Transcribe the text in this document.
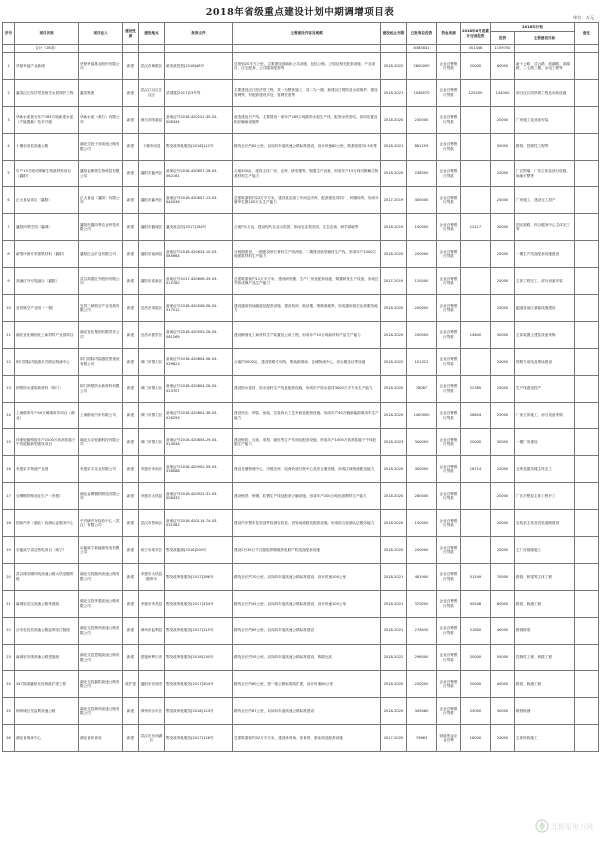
2018年省级重点建设计划中期调增项目表	单位：万元
序号	项目名称	项目法人	建设性质	建设地点	批准文件	主要建设内容及规模	建设起止年限	已批准总投资	资金来源	2018年6月底累计完成投资	2018年计划		备注
											投资	主要建设目标	
	合计（26项）							8385831		451348	1159750		

1	华夏幸福产业新城	华夏幸福基业股份有限公司	新建	武汉市黄陂区	黄发改投资[2018]48号	总规划20平方公里，主要建设基础和公共设施，包括公路、公园及相关配套设施，产业项目，住宅配套、公共服务配套等	2018-2022	2600000	企业自筹银行贷款	20000	60000	新十公路、浮云路、滨湖路、滨湖路、二七路三期，水电工程等	

2	襄香汉江经济带及相关水质保护工程	襄发集团	新建	武汉江汉区江汉区	武城建[2017]13号等	主要建设汉江经济带工程，其一为整体施工，其二为一期，新建汉江堤防及水质保护，建设管网等，有配套建设多处，管网长度等	2018-2021	1048570	企业自筹银行贷款	125200	144000	部分汉江防汛堤工程及市政设施	

3	华新水泥黄石年产285万吨新建水泥（产能置换）技术升级	华新水泥（黄石）有限公司	新建	黄石市阳新县	备案证号2018-420222-30-03-006344	改造建设日产线，主要建设一条年产285万吨熟料水泥生产线，配套余热发电、协同处置及相应辅助设施等	2018-2020	230000	企业自筹银行贷款		20000	厂房施工及设备安装	

4	十堰至房县高速公路	湖北交投十房高速公路有限公司	新建	十堰市房县	鄂发改审批服务[2018]112号	路线全长约62公里，双向四车道高速公路标准建设，设计时速80公里，路基宽度25.5米等	2018-2021	881259	企业自筹银行贷款		50000	路基、控制性工程等	

5	年产15万吨可降解生物基材料项目（襄阳）	襄阳金斯顿生物科技有限公司	新建	襄阳市襄州区	备案证号2018-420607-26-03-062161	占地300亩，建设主体厂房、仓库、研发楼等，购置生产设备，形成年产15万吨可降解生物基材料生产能力	2018-2020	238500	企业自筹银行贷款		20000	厂区围墙、厂房主体及部分设施、场地平整等	

6	正大食品项目（襄阳）	正大食品（襄阳）有限公司	新建	襄阳市襄州区	备案证号2018-420607-13-03-040036	总建筑面积约23万平方米，建设食品加工车间及冷库，配套建设饲料厂、种猪场等，形成年屠宰生猪100万头生产能力	2017-2019	400000	企业自筹银行贷款		25000	厂房施工，建设完工投产	

7	襄阳四季庄园（襄城）	襄阳市鑫四季农业科技有限公司	新建	襄阳市襄城区	襄发改农经[2017]184号	占地约1万亩，建设现代农业示范园、休闲农业观光园、生态农场、研学基地等	2018-2019	100000	企业自筹银行贷款	12117	30000	园区道路、综合服务中心主体完工等	

8	新型环保开采建筑材料（襄阳）	襄阳红山矿业有限公司	新建	襄阳市南漳县	备案证号2018-420624-10-03-085664	分两期建设，一期建设砂石骨料生产线两条，二期建设新型墙材生产线，形成年产1000万吨建筑材料生产能力	2018-2020	200000	企业自筹银行贷款		25000	一期生产线及配套设施建设	

9	高速红外可见融合（襄阳）	武汉高德红外股份有限公司	新建	襄阳市高新区	备案证号2017-420606-39-03-015782	总建筑面积约12万平方米，建设研发楼、生产厂房及配套设施，购置研发生产设备，形成红外热成像产品生产能力	2017-2019	120000	企业自筹银行贷款		20000	主体工程完工，部分设备安装	

10	宜昌航空产业园（一期）	宜昌三峡航空产业发展有限公司	新建	宜昌市夷陵区	备案证号2018-420506-56-03-017512	建设通用机场跑道及配套设施，建设机库、航站楼、维修基地等，形成通用航空运营服务能力	2018-2020	200000	企业自筹银行贷款		20000	跑道及场区基础设施建设	

11	湖北宜化精细化工新材料产业园项目	湖北宜化集团有限责任公司	新建	宜昌市猇亭区	备案证号2018-420505-26-03-081269	建设精细化工新材料生产装置及公用工程，形成年产10万吨新材料产品生产能力	2018-2020	200000	企业自筹银行贷款	14600	30000	主体装置土建及设备采购	

12	荆门国际内陆港多式联运物流中心	荆门国际内陆港投资建设有限公司	新建	荆门市掇刀区	备案证号2018-420804-58-03-039823	占地约3000亩，建设铁路专用线、集装箱堆场、仓储物流中心、综合服务区等设施	2018-2022	101321	企业自筹银行贷款		20000	铁路专用线及堆场建设	

13	荆楚防水建筑新材料（荆门）	荆门荆楚防水新材料有限公司	新建	荆门市掇刀区	备案证号2018-420804-26-03-023707	建设防水卷材、防水涂料生产线及配套设施，形成年产防水卷材3000万平方米生产能力	2018-2020	78087	企业自筹银行贷款	22385	25000	生产线建成投产	

14	上海蔚来年产40万辆乘用车项目（湖北）	上海蔚来汽车有限公司	新建	荆门市掇刀区	备案证号2018-420804-36-03-016293	建设冲压、焊装、涂装、总装四大工艺车间及配套设施，形成年产40万辆新能源乘用车生产能力	2018-2020	1400000	企业自筹银行贷款	26604	25000	厂房主体施工，部分设备采购	

15	环保轮胎网胶年产1000万套高性能子午线轮胎新型建设项目	湖北大京轮胎科技有限公司	新建	荆门市掇刀区	备案证号2018-420804-29-03-014048	建设炼胶、压延、成型、硫化等生产车间及配套设施，形成年产1000万套高性能子午线轮胎生产能力	2018-2023	340000	企业自筹银行贷款	20000	30000	一期厂房建设	

16	孝感京丰物流产业园	孝感京丰实业有限公司	新建	孝感市孝南区	备案证号2018-420902-59-03-036088	建设仓储物流中心、冷链仓库、电商快递分拨中心及综合服务楼，形成区域物流配送能力	2018-2020	300000	企业自筹银行贷款	18714	20000	仓库及服务楼主体完工	

17	全柳钢铁制造业生产（孝感）	湖北金柳钢铁制造有限公司	新建	孝感市大悟县	备案证号2018-420922-31-03-008432	建设炼铁、炼钢、轧钢生产线及配套公辅设施，形成年产200万吨优质钢材生产能力	2018-2020	280000	企业自筹银行贷款		20000	厂区平整及主体工程开工	

18	国家汽车（湖北）检测认证服务中心	中汽研汽车检验中心（武汉）有限公司	新建	武汉市蔡甸区	备案证号2018-420114-74-03-031082	建设汽车整车及零部件检测实验室、试验场道路及配套设施，形成综合检测认证服务能力	2018-2020	150000	企业自筹银行贷款		20000	实验室主体及试验道路建设	

19	京能咸宁清洁热电项目（咸宁）	京能咸宁新能源发电有限公司	新建	咸宁市咸安区	鄂发改能源[2018]200号	建设2台35万千瓦超临界燃煤热电联产机组及配套设施	2018-2020	240000	企业自筹银行贷款		20000	主厂房基础施工	

20	武汉城市圈环线高速公路大悟至随州段	湖北交投随州高速公路有限公司	新建	孝感市大悟县随州市	鄂发改审批服务[2017]286号	路线全长约70公里，双向四车道高速公路标准建设，设计时速100公里	2018-2021	481900	企业自筹银行贷款	51549	70000	路基、桥梁等主体工程	

21	麻城至武汉高速公路孝感段	湖北交投孝感高速公路有限公司	新建	孝感市孝昌县	鄂发改审批服务[2017]334号	路线全长约45公里，双向四车道高速公路标准建设，设计时速100公里	2018-2021	370000	企业自筹银行贷款	40548	60000	路基、桥涵工程	

22	沙市至宜昌高速公路监利至江陵段	湖北交投荆州高速公路有限公司	新建	荆州市监利县	鄂发改审批服务[2017]115号	路线全长约65公里，双向四车道高速公路标准建设	2018-2021	276430	企业自筹银行贷款	21800	40000	路基桥梁	

23	麻城至安康高速公路恩施段	湖北交投恩施高速公路有限公司	新建	恩施州利川市	鄂发改审批服务[2018]130号	路线全长约55公里，双向四车道高速公路标准建设，桥隧比高	2018-2022	298000	企业自筹银行贷款	20000	50000	控制性工程、桥隧工程	

24	347国道襄阳至宜城改扩建工程	湖北交投襄阳高速公路有限公司	改扩建	襄阳市宜城市	鄂发改审批服务[2017]304号	路线全长约60公里，按一级公路标准改扩建，设计时速80公里	2018-2020	230000	企业自筹银行贷款	20000	40000	路基、桥涵工程	

25	荆州城区至监利高速公路	湖北交投荆州高速公路有限公司	新建	荆州市沙市区	鄂发改审批服务[2018]123号	路线全长约87公里，双向四车道高速公路标准建设	2018-2020	349480	企业自筹银行贷款	25000	40000	路基桥涵	

26	湖北省奥体中心	湖北省体育局	新建	武汉市东西湖区	鄂发改审批服务[2017]126号	总建筑面积约32万平方米，建设体育场、体育馆、游泳馆及配套设施	2017-2020	79663	财政资金企业自筹	18000	20000	主体结构施工	

北极星电力网
